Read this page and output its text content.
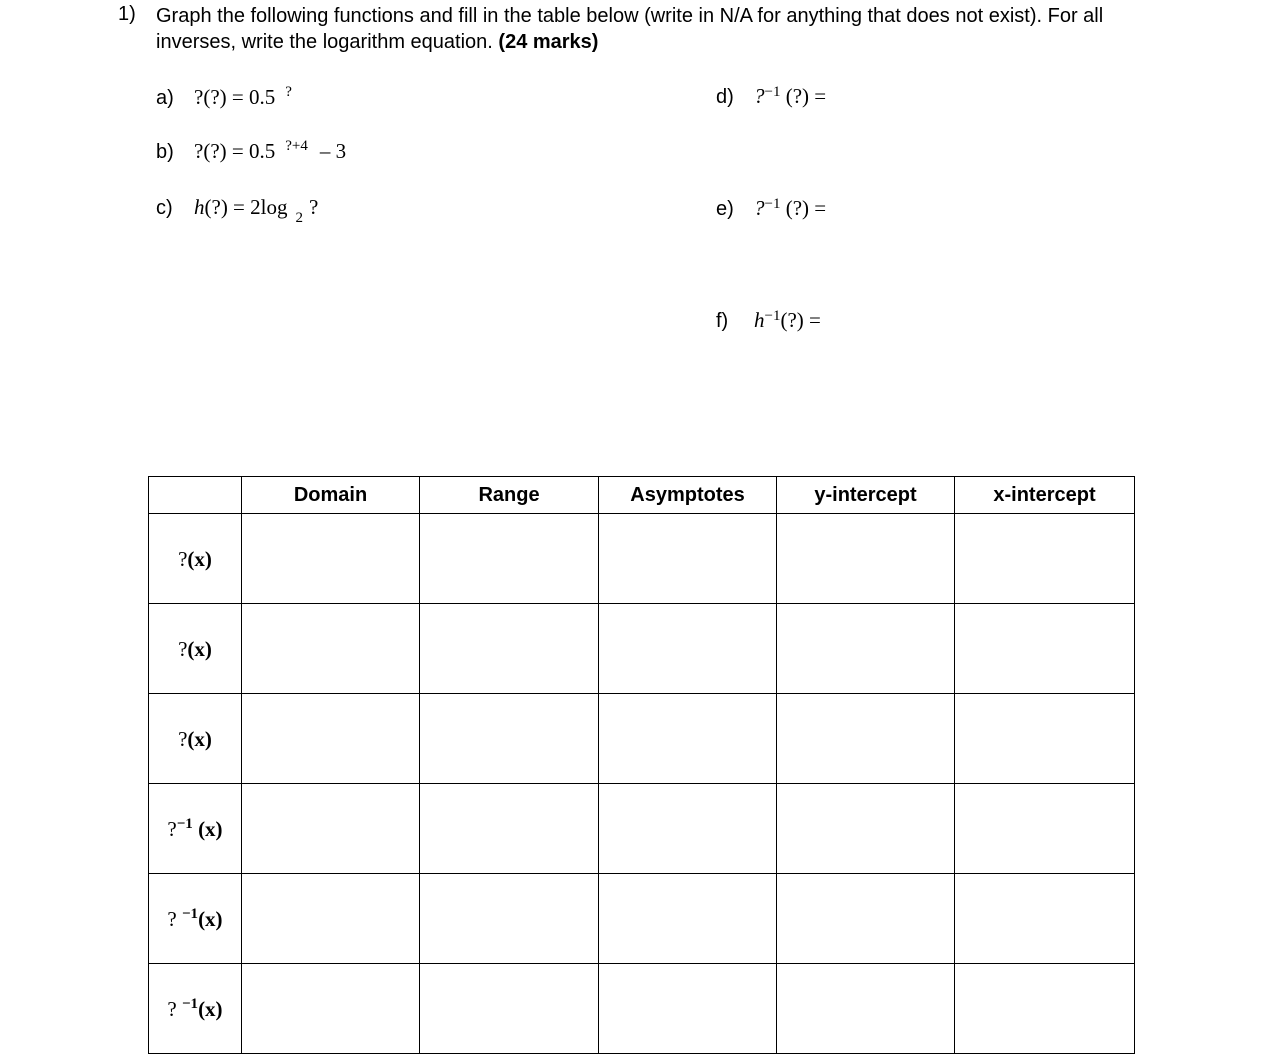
1) Graph the following functions and fill in the table below (write in N/A for anything that does not exist). For all inverses, write the logarithm equation. (24 marks)
a) ?(?) = 0.5 ?
b) ?(?) = 0.5 $^{?+4}$ – 3
c) h(?) = 2log $_2$ ?
d) ?$^{-1}$ (?) =
e) ?$^{-1}$ (?) =
f) $h^{-1}(?)$ =
	Domain	Range	Asymptotes	y-intercept	x-intercept
?(x)					
?(x)					
?(x)					
?$^{-1}$ (x)					
? $^{-1}$(x)					
? $^{-1}$(x)					
